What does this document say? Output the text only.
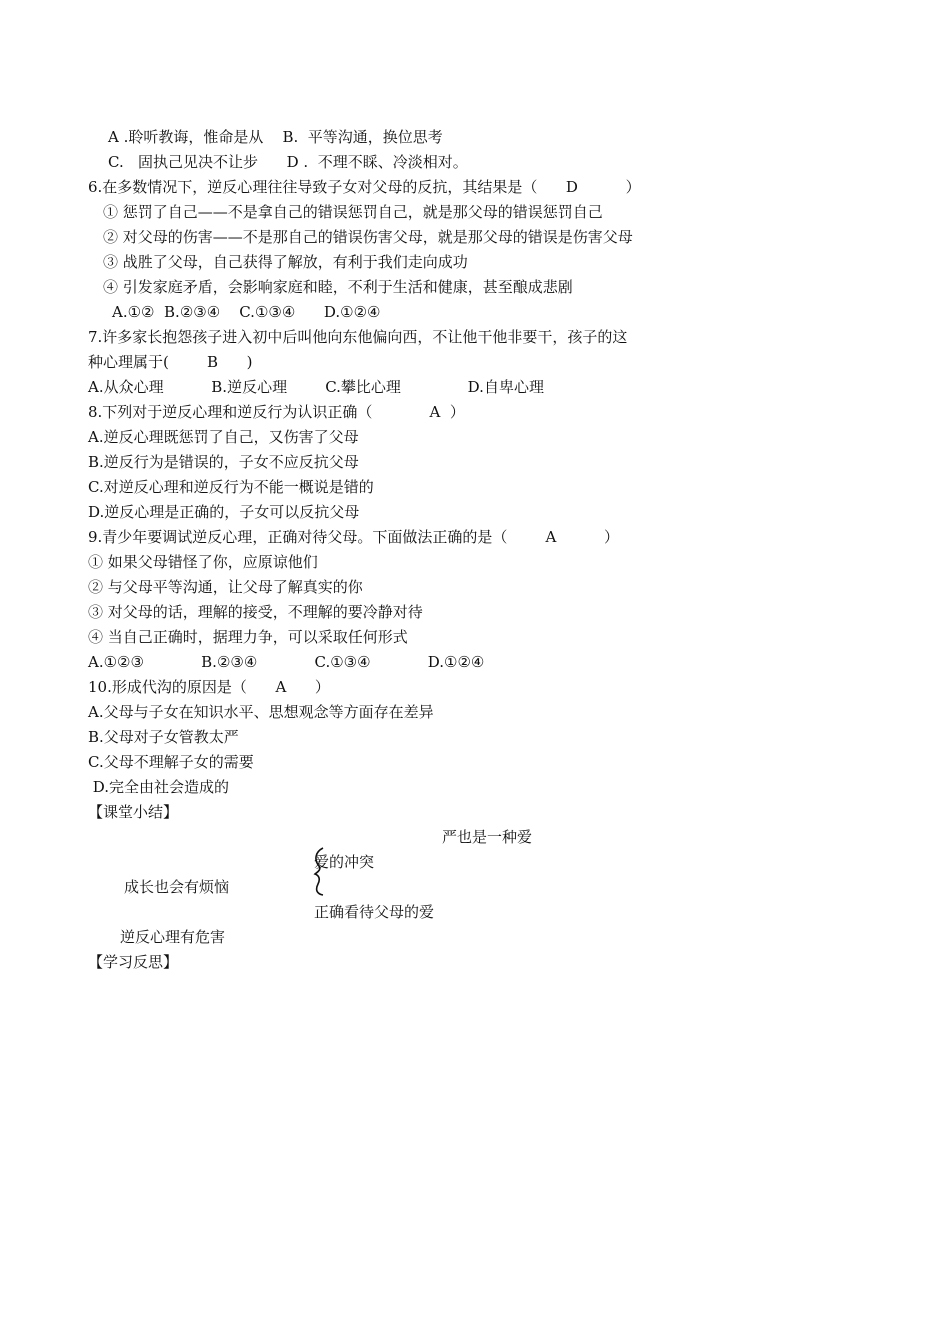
A .聆听教诲，惟命是从    B.  平等沟通，换位思考
C.   固执己见决不让步      D .  不理不睬、冷淡相对。
6.在多数情况下，逆反心理往往导致子女对父母的反抗，其结果是（      D          ）
① 惩罚了自己——不是拿自己的错误惩罚自己，就是那父母的错误惩罚自己
② 对父母的伤害——不是那自己的错误伤害父母，就是那父母的错误是伤害父母
③ 战胜了父母，自己获得了解放，有利于我们走向成功
④ 引发家庭矛盾，会影响家庭和睦，不利于生活和健康，甚至酿成悲剧
A.①②  B.②③④    C.①③④      D.①②④
7.许多家长抱怨孩子进入初中后叫他向东他偏向西，不让他干他非要干，孩子的这
种心理属于(        B      )
A.从众心理          B.逆反心理        C.攀比心理              D.自卑心理
8.下列对于逆反心理和逆反行为认识正确（            A  ）
A.逆反心理既惩罚了自己，又伤害了父母
B.逆反行为是错误的，子女不应反抗父母
C.对逆反心理和逆反行为不能一概说是错的
D.逆反心理是正确的，子女可以反抗父母
9.青少年要调试逆反心理，正确对待父母。下面做法正确的是（        A          ）
① 如果父母错怪了你，应原谅他们
② 与父母平等沟通，让父母了解真实的你
③ 对父母的话，理解的接受，不理解的要冷静对待
④ 当自己正确时，据理力争，可以采取任何形式
A.①②③            B.②③④            C.①③④            D.①②④
10.形成代沟的原因是（      A      ）
A.父母与子女在知识水平、思想观念等方面存在差异
B.父母对子女管教太严
C.父母不理解子女的需要
D.完全由社会造成的
【课堂小结】
严也是一种爱
爱的冲突
成长也会有烦恼
正确看待父母的爱
逆反心理有危害
【学习反思】
